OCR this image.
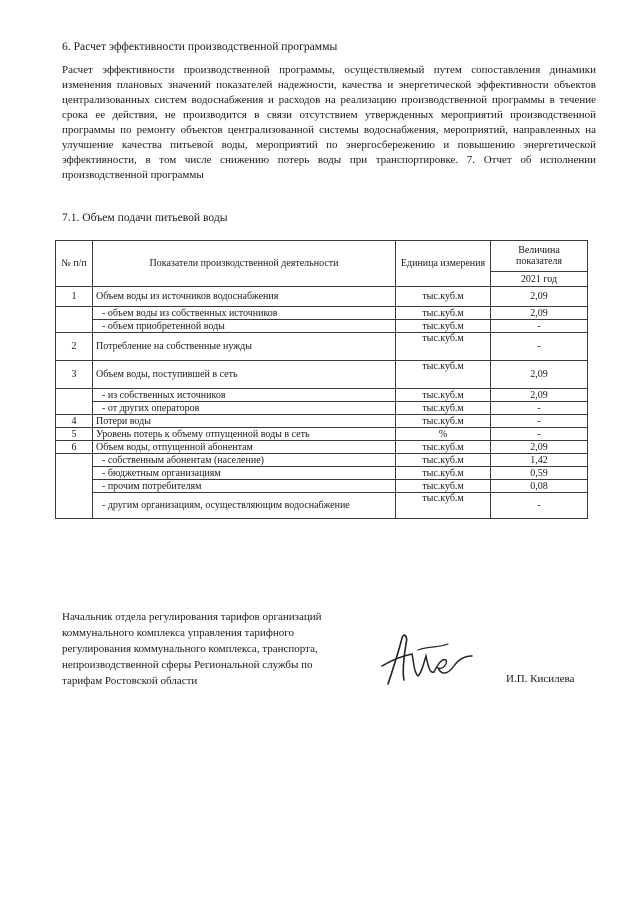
6. Расчет эффективности производственной программы

Расчет эффективности производственной программы, осуществляемый путем сопоставления динамики изменения плановых значений показателей надежности, качества и энергетической эффективности объектов централизованных систем водоснабжения и расходов на реализацию производственной программы в течение срока ее действия, не производится в связи отсутствием утвержденных мероприятий производственной программы по ремонту объектов централизованной системы водоснабжения, мероприятий, направленных на улучшение качества питьевой воды, мероприятий по энергосбережению и повышению энергетической эффективности, в том числе снижению потерь воды при транспортировке. 7. Отчет об исполнении производственной программы

7.1. Объем подачи питьевой воды
№ п/п	Показатели производственной деятельности	Единица измерения	Величина показателя
			2021 год
1	Объем воды из источников водоснабжения	тыс.куб.м	2,09
	- объем воды из собственных источников	тыс.куб.м	2,09
	- объем приобретенной воды	тыс.куб.м	-
2	Потребление на собственные нужды	тыс.куб.м	-
3	Объем воды, поступившей в сеть	тыс.куб.м	2,09
	- из собственных источников	тыс.куб.м	2,09
	- от других операторов	тыс.куб.м	-
4	Потери воды	тыс.куб.м	-
5	Уровень потерь к объему отпущенной воды в сеть	%	-
6	Объем воды, отпущенной абонентам	тыс.куб.м	2,09
	- собственным абонентам (население)	тыс.куб.м	1,42
	- бюджетным организациям	тыс.куб.м	0,59
	- прочим потребителям	тыс.куб.м	0,08
	- другим организациям, осуществляющим водоснабжение	тыс.куб.м	-
Начальник отдела регулирования тарифов организаций
коммунального комплекса управления тарифного
регулирования коммунального комплекса, транспорта,
непроизводственной сферы Региональной службы по
тарифам Ростовской области	И.П. Кисилева
